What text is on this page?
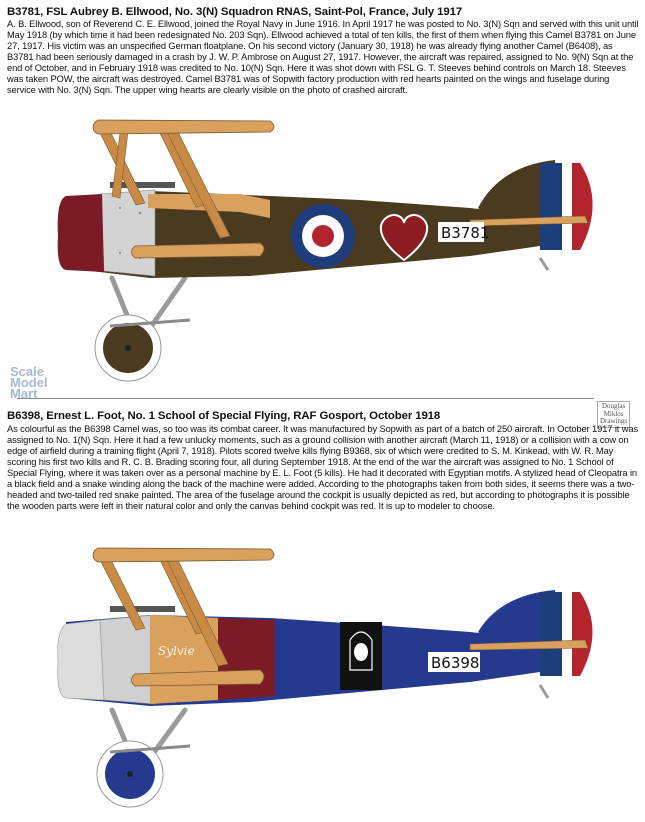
B3781, FSL Aubrey B. Ellwood, No. 3(N) Squadron RNAS, Saint-Pol, France, July 1917
A. B. Ellwood, son of Reverend C. E. Ellwood, joined the Royal Navy in June 1916. In April 1917 he was posted to No. 3(N) Sqn and served with this unit until May 1918 (by which time it had been redesignated No. 203 Sqn). Ellwood achieved a total of ten kills, the first of them when flying this Camel B3781 on June 27, 1917. His victim was an unspecified German floatplane. On his second victory (January 30, 1918) he was already flying another Camel (B6408), as B3781 had been seriously damaged in a crash by J. W. P. Ambrose on August 27, 1917. However, the aircraft was repaired, assigned to No. 9(N) Sqn at the end of October, and in February 1918 was credited to No. 10(N) Sqn. Here it was shot down with FSL G. T. Steeves behind controls on March 18. Steeves was taken POW, the aircraft was destroyed. Camel B3781 was of Sopwith factory production with red hearts painted on the wings and fuselage during service with No. 3(N) Sqn. The upper wing hearts are clearly visible on the photo of crashed aircraft.
B3781
Scale
Model
Mart
Douglas
Miklos
Drawings
B6398, Ernest L. Foot, No. 1 School of Special Flying, RAF Gosport, October 1918
As colourful as the B6398 Camel was, so too was its combat career. It was manufactured by Sopwith as part of a batch of 250 aircraft. In October 1917 it was assigned to No. 1(N) Sqn. Here it had a few unlucky moments, such as a ground collision with another aircraft (March 11, 1918) or a collision with a cow on edge of airfield during a training flight (April 7, 1918). Pilots scored twelve kills flying B9368, six of which were credited to S. M. Kinkead, with W. R. May scoring his first two kills and R. C. B. Brading scoring four, all during September 1918. At the end of the war the aircraft was assigned to No. 1 School of Special Flying, where it was taken over as a personal machine by E. L. Foot (5 kills). He had it decorated with Egyptian motifs. A stylized head of Cleopatra in a black field and a snake winding along the back of the machine were added. According to the photographs taken from both sides, it seems there was a two-headed and two-tailed red snake painted. The area of the fuselage around the cockpit is usually depicted as red, but according to photographs it is possible the wooden parts were left in their natural color and only the canvas behind cockpit was red. It is up to modeler to choose.
Sylvie
B6398
